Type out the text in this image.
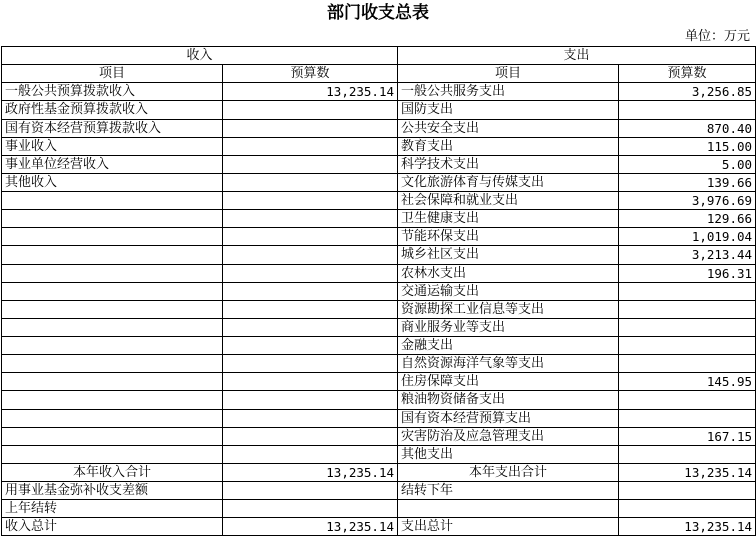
部门收支总表
单位：万元
收入		支出	
项目	预算数	项目	预算数
一般公共预算拨款收入	13,235.14	一般公共服务支出	3,256.85
政府性基金预算拨款收入		国防支出	
国有资本经营预算拨款收入		公共安全支出	870.40
事业收入		教育支出	115.00
事业单位经营收入		科学技术支出	5.00
其他收入		文化旅游体育与传媒支出	139.66
		社会保障和就业支出	3,976.69
		卫生健康支出	129.66
		节能环保支出	1,019.04
		城乡社区支出	3,213.44
		农林水支出	196.31
		交通运输支出	
		资源勘探工业信息等支出	
		商业服务业等支出	
		金融支出	
		自然资源海洋气象等支出	
		住房保障支出	145.95
		粮油物资储备支出	
		国有资本经营预算支出	
		灾害防治及应急管理支出	167.15
		其他支出	
本年收入合计	13,235.14	本年支出合计	13,235.14
用事业基金弥补收支差额		结转下年	
上年结转			
收入总计	13,235.14	支出总计	13,235.14
